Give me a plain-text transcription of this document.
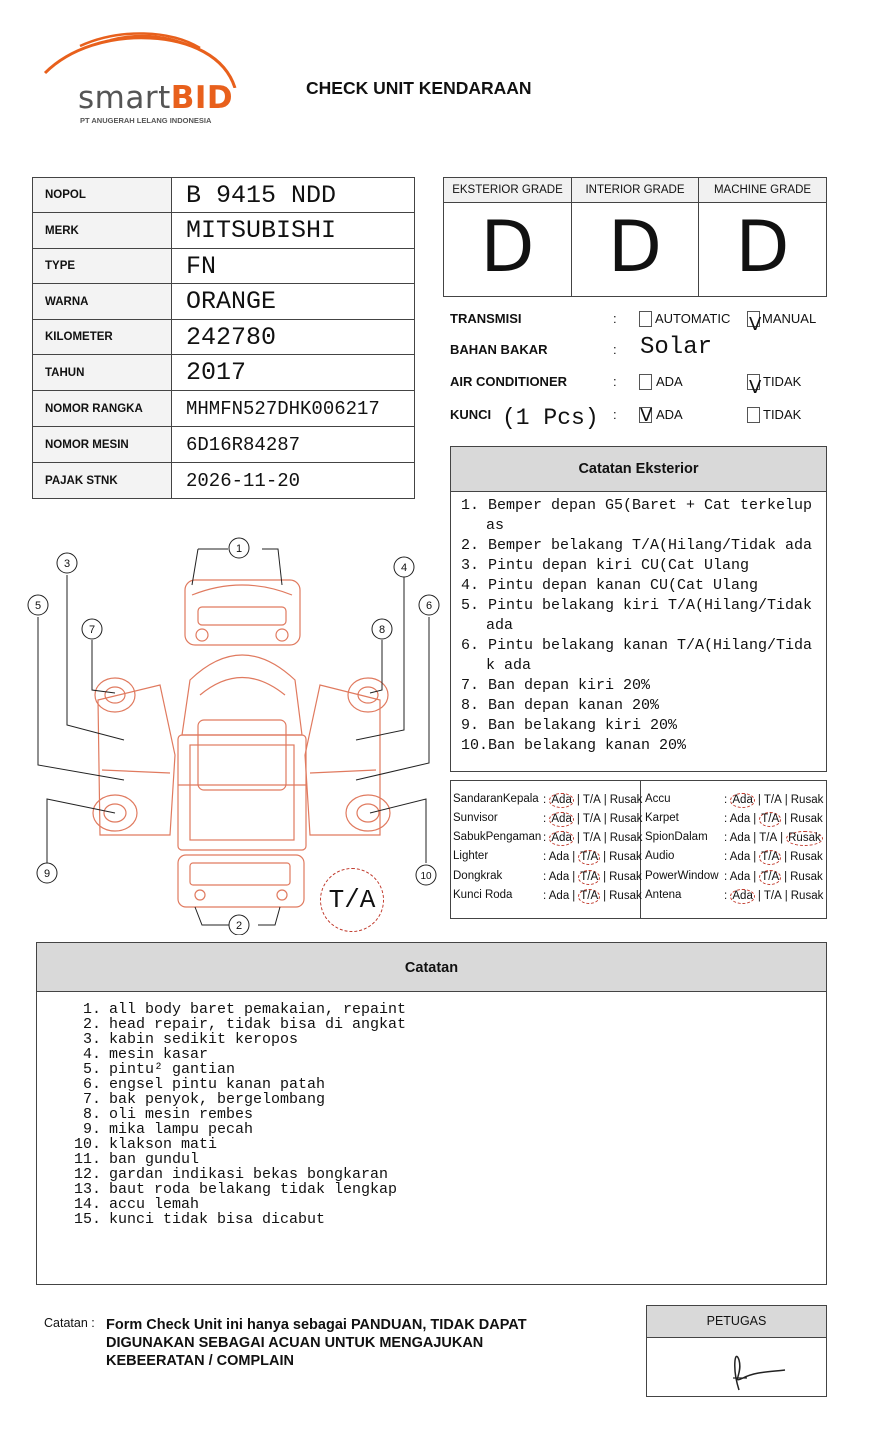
smartBID
PT ANUGERAH LELANG INDONESIA
CHECK UNIT KENDARAAN
NOPOL	B 9415 NDD
MERK	MITSUBISHI
TYPE	FN
WARNA	ORANGE
KILOMETER	242780
TAHUN	2017
NOMOR RANGKA	MHMFN527DHK006217
NOMOR MESIN	6D16R84287
PAJAK STNK	2026-11-20
EKSTERIOR GRADE
D
INTERIOR GRADE
D
MACHINE GRADE
D
TRANSMISI	:	AUTOMATIC V MANUAL
BAHAN BAKAR	: Solar
AIR CONDITIONER	:	ADA	V TIDAK
KUNCI (1 Pcs) : V ADA	TIDAK
Catatan Eksterior
1. Bemper depan G5(Baret + Cat terkelup as
2. Bemper belakang T/A(Hilang/Tidak ada
3. Pintu depan kiri CU(Cat Ulang
4. Pintu depan kanan CU(Cat Ulang
5. Pintu belakang kiri T/A(Hilang/Tidak ada
6. Pintu belakang kanan T/A(Hilang/Tida k ada
7. Ban depan kiri 20%
8. Ban depan kanan 20%
9. Ban belakang kiri 20%
10.Ban belakang kanan 20%
SandaranKepala : Ada | T/A | Rusak
Sunvisor	: Ada | T/A | Rusak
SabukPengaman : Ada | T/A | Rusak
Lighter	: Ada | T/A | Rusak
Dongkrak	: Ada | T/A | Rusak
Kunci Roda	: Ada | T/A | Rusak
Accu	: Ada | T/A | Rusak
Karpet	: Ada | T/A | Rusak
SpionDalam : Ada | T/A | Rusak
Audio	: Ada | T/A | Rusak
PowerWindow : Ada | T/A | Rusak
Antena	: Ada | T/A | Rusak
1
2
3	4
5	6
7	8
9	10
T/A
Catatan
1. all body baret pemakaian, repaint
2. head repair, tidak bisa di angkat
3. kabin sedikit keropos
4. mesin kasar
5. pintu² gantian
6. engsel pintu kanan patah
7. bak penyok, bergelombang
8. oli mesin rembes
9. mika lampu pecah
10. klakson mati
11. ban gundul
12. gardan indikasi bekas bongkaran
13. baut roda belakang tidak lengkap
14. accu lemah
15. kunci tidak bisa dicabut
Catatan : Form Check Unit ini hanya sebagai PANDUAN, TIDAK DAPAT DIGUNAKAN SEBAGAI ACUAN UNTUK MENGAJUKAN KEBEERATAN / COMPLAIN
PETUGAS
